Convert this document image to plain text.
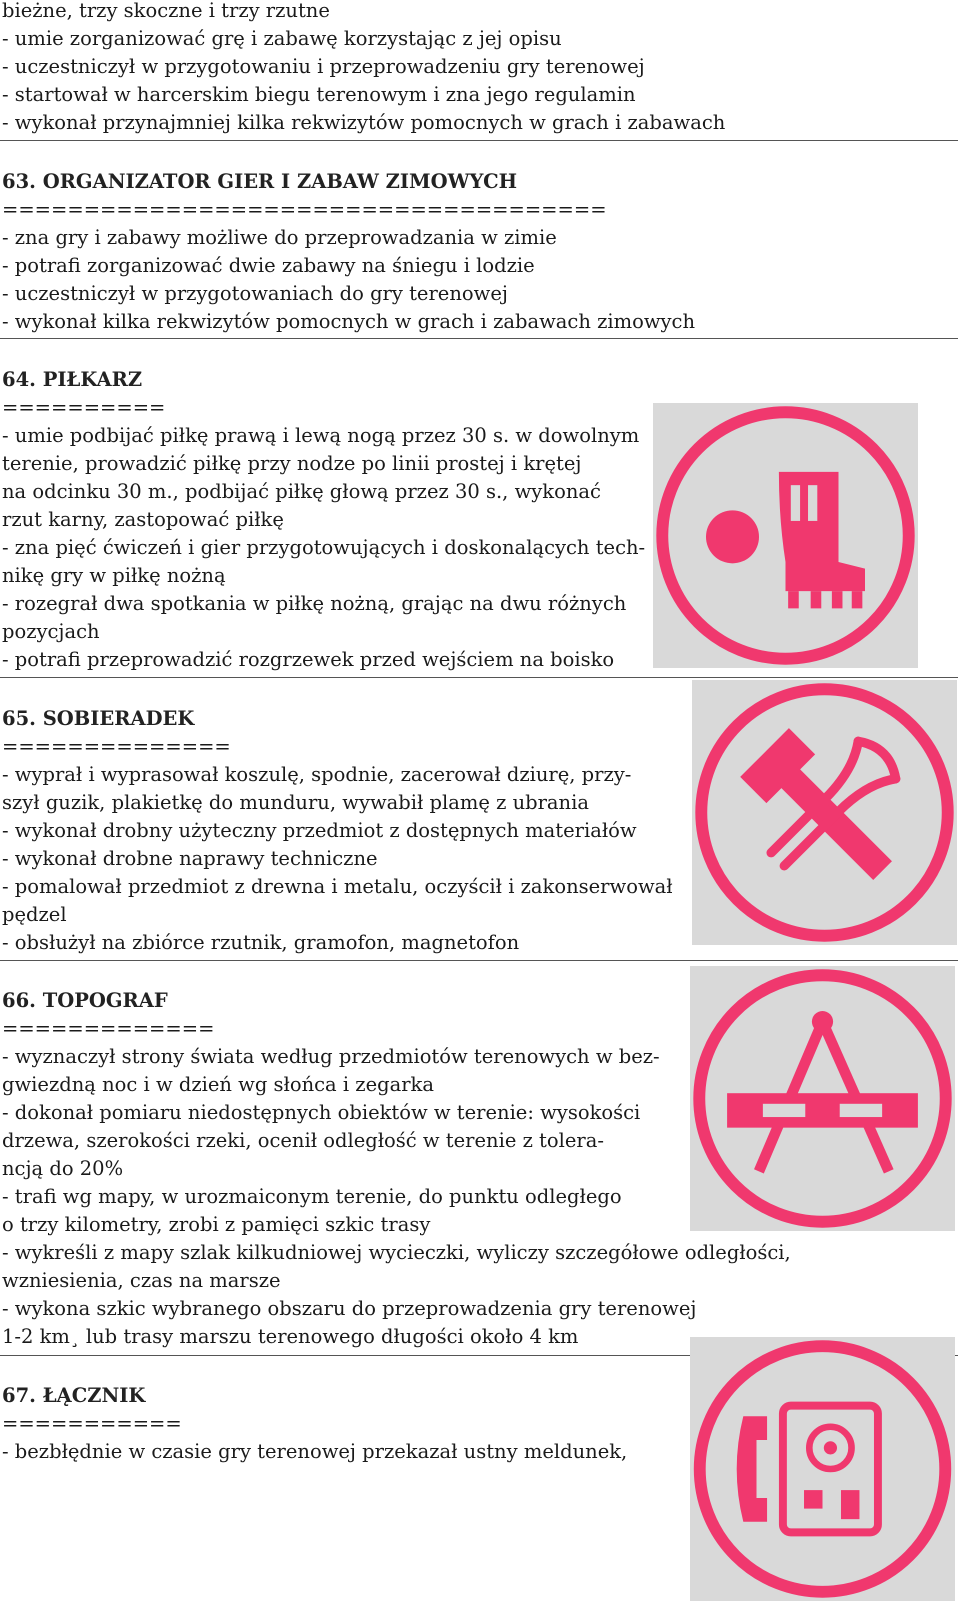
bieżne, trzy skoczne i trzy rzutne
- umie zorganizować grę i zabawę korzystając z jej opisu
- uczestniczył w przygotowaniu i przeprowadzeniu gry terenowej
- startował w harcerskim biegu terenowym i zna jego regulamin
- wykonał przynajmniej kilka rekwizytów pomocnych w grach i zabawach
63. ORGANIZATOR GIER I ZABAW ZIMOWYCH
=====================================
- zna gry i zabawy możliwe do przeprowadzania w zimie
- potrafi zorganizować dwie zabawy na śniegu i lodzie
- uczestniczył w przygotowaniach do gry terenowej
- wykonał kilka rekwizytów pomocnych w grach i zabawach zimowych
64. PIŁKARZ
==========
- umie podbijać piłkę prawą i lewą nogą przez 30 s. w dowolnym
terenie, prowadzić piłkę przy nodze po linii prostej i krętej
na odcinku 30 m., podbijać piłkę głową przez 30 s., wykonać
rzut karny, zastopować piłkę
- zna pięć ćwiczeń i gier przygotowujących i doskonalących tech-
nikę gry w piłkę nożną
- rozegrał dwa spotkania w piłkę nożną, grając na dwu różnych
pozycjach
- potrafi przeprowadzić rozgrzewek przed wejściem na boisko
65. SOBIERADEK
==============
- wyprał i wyprasował koszulę, spodnie, zacerował dziurę, przy-
szył guzik, plakietkę do munduru, wywabił plamę z ubrania
- wykonał drobny użyteczny przedmiot z dostępnych materiałów
- wykonał drobne naprawy techniczne
- pomalował przedmiot z drewna i metalu, oczyścił i zakonserwował
pędzel
- obsłużył na zbiórce rzutnik, gramofon, magnetofon
66. TOPOGRAF
=============
- wyznaczył strony świata według przedmiotów terenowych w bez-
gwiezdną noc i w dzień wg słońca i zegarka
- dokonał pomiaru niedostępnych obiektów w terenie: wysokości
drzewa, szerokości rzeki, ocenił odległość w terenie z tolera-
ncją do 20%
- trafi wg mapy, w urozmaiconym terenie, do punktu odległego
o trzy kilometry, zrobi z pamięci szkic trasy
- wykreśli z mapy szlak kilkudniowej wycieczki, wyliczy szczegółowe odległości,
wzniesienia, czas na marsze
- wykona szkic wybranego obszaru do przeprowadzenia gry terenowej
1-2 km¸ lub trasy marszu terenowego długości około 4 km
67. ŁĄCZNIK
===========
- bezbłędnie w czasie gry terenowej przekazał ustny meldunek,
